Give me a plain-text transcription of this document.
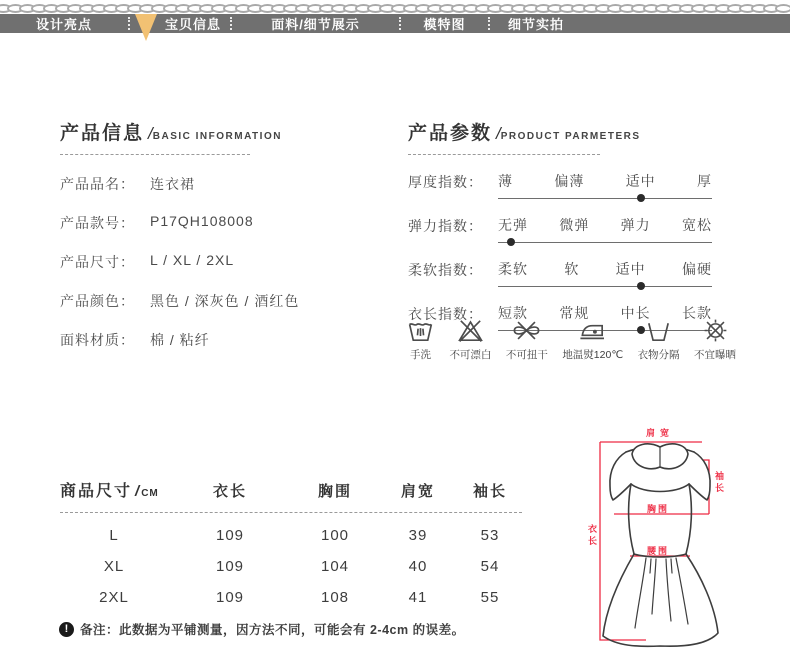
设计亮点	宝贝信息	面料/细节展示	模特图	细节实拍
产品信息 /BASIC INFORMATION
产品品名：	连衣裙
产品款号：	P17QH108008
产品尺寸：	L / XL / 2XL
产品颜色：	黑色 / 深灰色 / 酒红色
面料材质：	棉 / 粘纤
产品参数 /PRODUCT PARMETERS
厚度指数：	薄	偏薄	适中	厚
弹力指数：	无弹 微弹 弹力 宽松
柔软指数：	柔软	软	适中	偏硬
衣长指数：	短款 常规 中长 长款
手洗 不可漂白 不可扭干 地温熨120℃ 衣物分隔 不宜曝晒
商品尺寸 /CM	衣长	胸围	肩宽	袖长
L	109	100	39	53
XL	109	104	40	54
2XL	109	108	41	55
! 备注：此数据为平铺测量，因方法不同，可能会有 2-4cm 的误差。
肩宽
胸围
腰围
衣长
袖长
